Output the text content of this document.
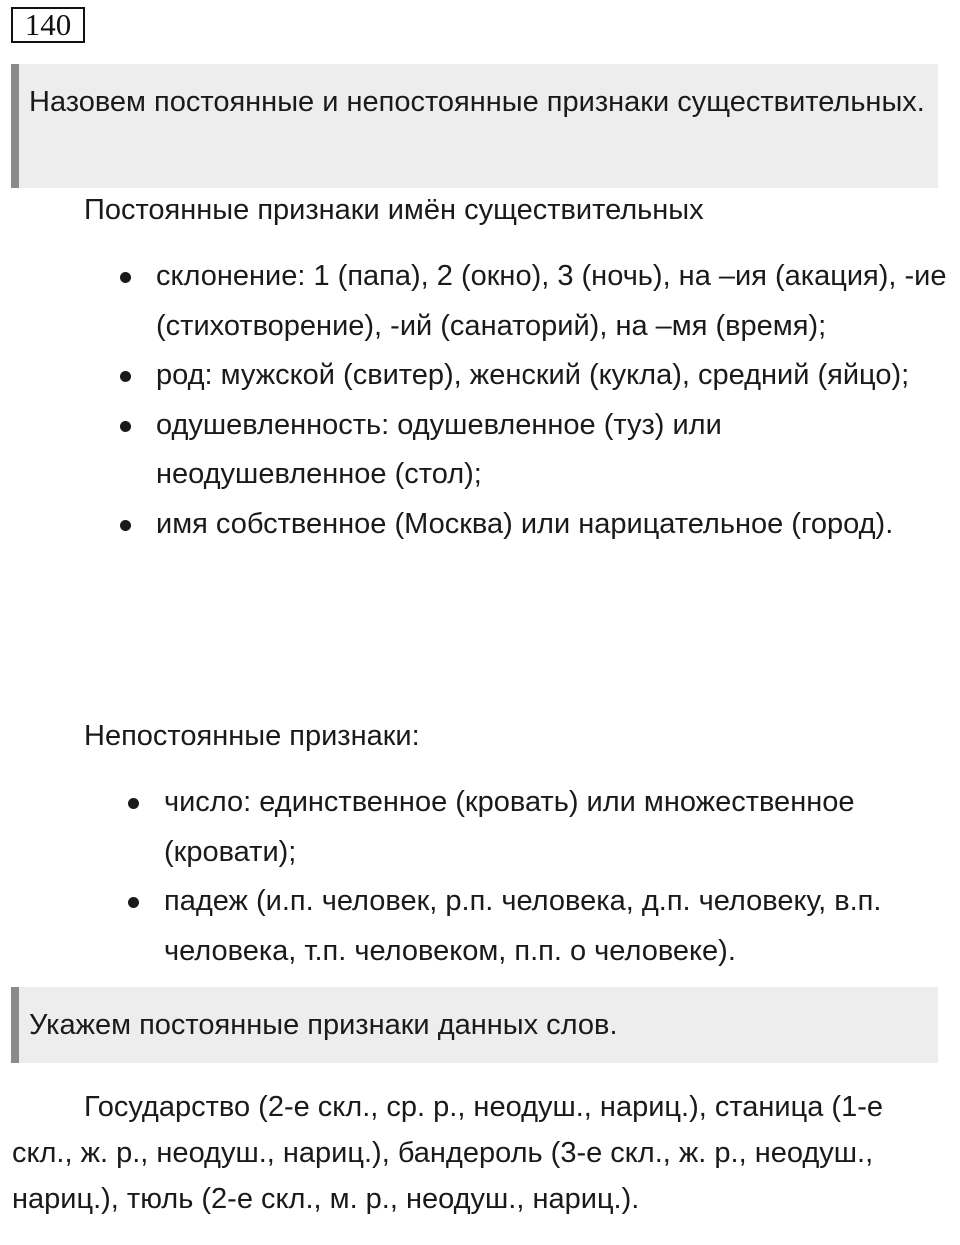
140
Назовем постоянные и непостоянные признаки существительных.
Постоянные признаки имён существительных
склонение: 1 (папа), 2 (окно), 3 (ночь), на –ия (акация), -ие (стихотворение), -ий (санаторий), на –мя (время);
род: мужской (свитер), женский (кукла), средний (яйцо);
одушевленность: одушевленное (туз) или неодушевленное (стол);
имя собственное (Москва) или нарицательное (город).
Непостоянные признаки:
число: единственное (кровать) или множественное (кровати);
падеж (и.п. человек, р.п. человека, д.п. человеку, в.п. человека, т.п. человеком, п.п. о человеке).
Укажем постоянные признаки данных слов.

Государство (2-е скл., ср. р., неодуш., нариц.), станица (1-е скл., ж. р., неодуш., нариц.), бандероль (3-е скл., ж. р., неодуш., нариц.), тюль (2-е скл., м. р., неодуш., нариц.).
